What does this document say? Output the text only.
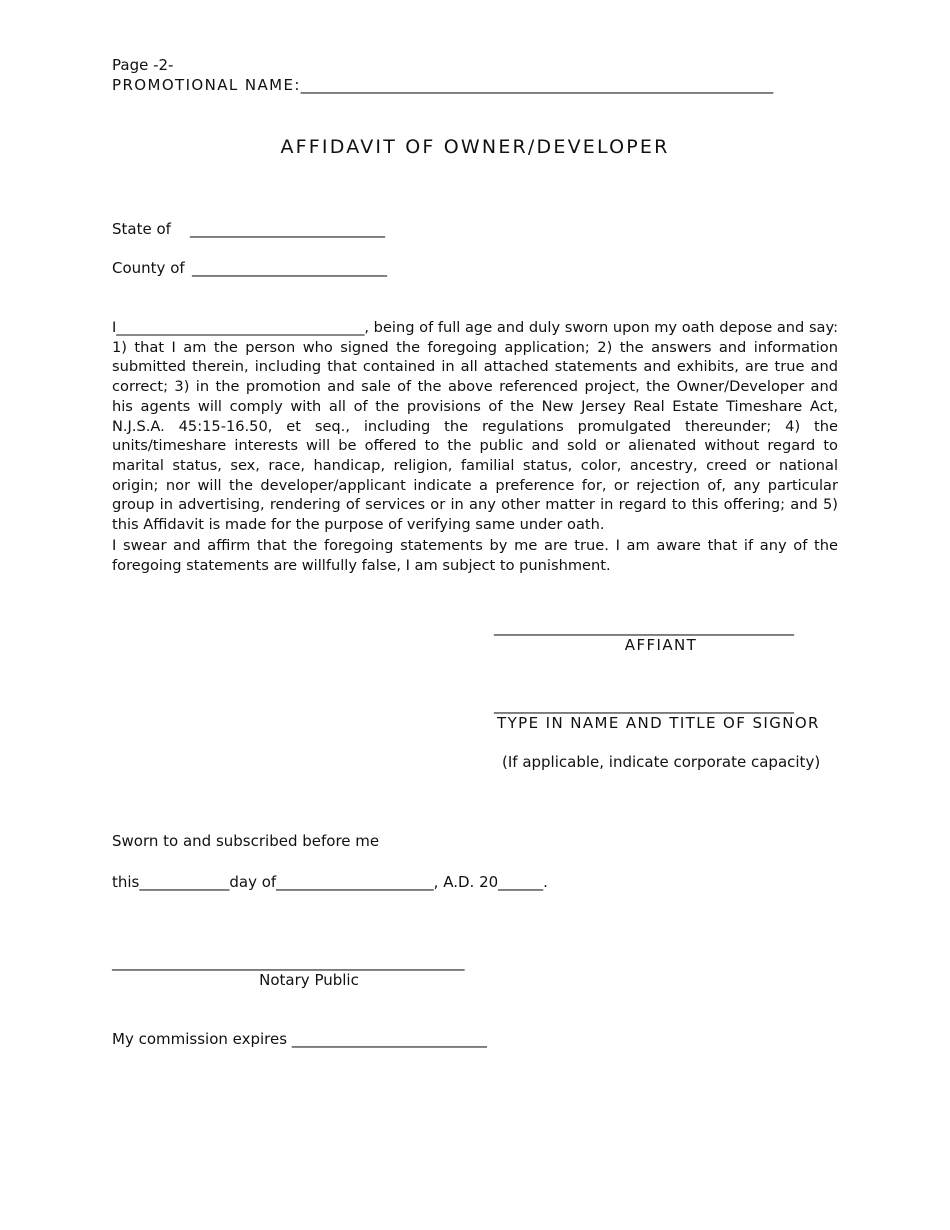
Page -2-
PROMOTIONAL NAME:_______________________________________________________________
AFFIDAVIT OF OWNER/DEVELOPER
State of __________________________
County of __________________________
I__________________________________, being of full age and duly sworn upon my oath depose and say: 1) that I am the person who signed the foregoing application; 2) the answers and information submitted therein, including that contained in all attached statements and exhibits, are true and correct; 3) in the promotion and sale of the above referenced project, the Owner/Developer and his agents will comply with all of the provisions of the New Jersey Real Estate Timeshare Act, N.J.S.A. 45:15-16.50, et seq., including the regulations promulgated thereunder; 4) the units/timeshare interests will be offered to the public and sold or alienated without regard to marital status, sex, race, handicap, religion, familial status, color, ancestry, creed or national origin; nor will the developer/applicant indicate a preference for, or rejection of, any particular group in advertising, rendering of services or in any other matter in regard to this offering; and 5) this Affidavit is made for the purpose of verifying same under oath.
I swear and affirm that the foregoing statements by me are true. I am aware that if any of the foregoing statements are willfully false, I am subject to punishment.
________________________________________
AFFIANT
________________________________________
TYPE IN NAME AND TITLE OF SIGNOR
(If applicable, indicate corporate capacity)
Sworn to and subscribed before me
this____________day of_____________________, A.D. 20______.
_______________________________________________
Notary Public
My commission expires __________________________
